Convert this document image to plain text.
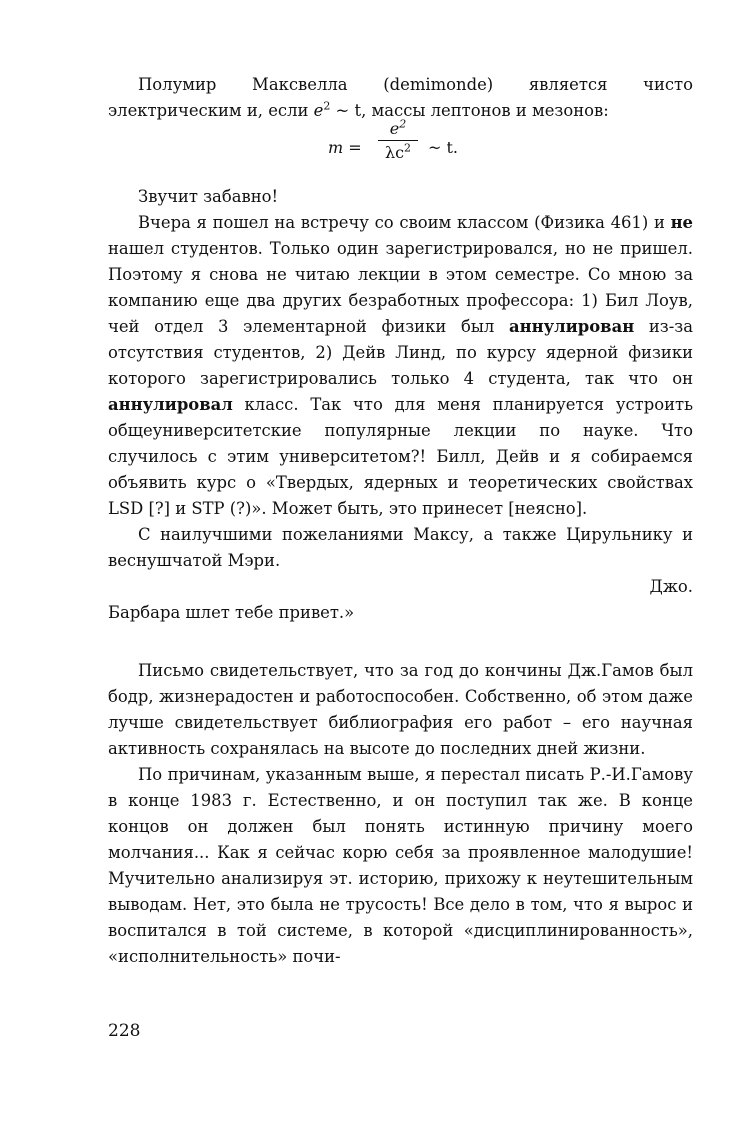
Полумир Максвелла (demimonde) является чисто электрическим и, если $e^2$ ~ t, массы лептонов и мезонов:

m =
$e^2$
$\lambda c^2$	~ t.

Звучит забавно!

Вчера я пошел на встречу со своим классом (Физика 461) и не нашел студентов. Только один зарегистрировался, но не пришел. Поэтому я снова не читаю лекции в этом семестре. Со мною за компанию еще два других безработных профессора: 1) Бил Лоув, чей отдел 3 элементарной физики был аннулирован из-за отсутствия студентов, 2) Дейв Линд, по курсу ядерной физики которого зарегистрировались только 4 студента, так что он аннулировал класс. Так что для меня планируется устроить общеуниверситетские популярные лекции по науке. Что случилось с этим университетом?! Билл, Дейв и я собираемся объявить курс о «Твердых, ядерных и теоретических свойствах LSD [?] и STP (?)». Может быть, это принесет [неясно].

С наилучшими пожеланиями Максу, а также Цирульнику и веснушчатой Мэри.

Джо.

Барбара шлет тебе привет.»

Письмо свидетельствует, что за год до кончины Дж.Гамов был бодр, жизнерадостен и работоспособен. Собственно, об этом даже лучше свидетельствует библиография его работ – его научная активность сохранялась на высоте до последних дней жизни.

По причинам, указанным выше, я перестал писать Р.-И.Гамову в конце 1983 г. Естественно, и он поступил так же. В конце концов он должен был понять истинную причину моего молчания... Как я сейчас корю себя за проявленное малодушие! Мучительно анализируя эт. историю, прихожу к неутешительным выводам. Нет, это была не трусость! Все дело в том, что я вырос и воспитался в той системе, в которой «дисциплинированность», «исполнительность» почи-

228
